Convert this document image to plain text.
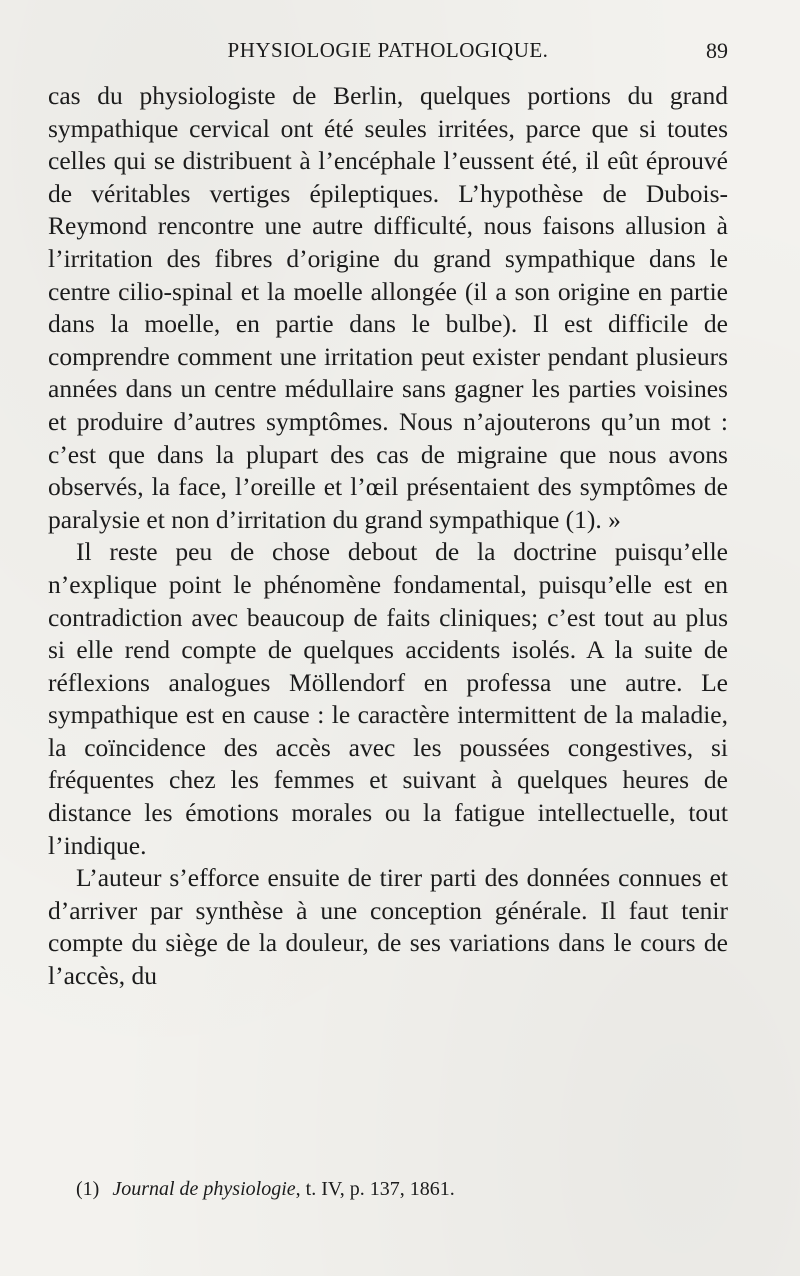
PHYSIOLOGIE PATHOLOGIQUE.	89

cas du physiologiste de Berlin, quelques portions du grand sympathique cervical ont été seules irritées, parce que si toutes celles qui se distribuent à l’encéphale l’eussent été, il eût éprouvé de véritables vertiges épileptiques. L’hypothèse de Dubois-Reymond rencontre une autre difficulté, nous faisons allusion à l’irritation des fibres d’origine du grand sympathique dans le centre cilio-spinal et la moelle allongée (il a son origine en partie dans la moelle, en partie dans le bulbe). Il est difficile de comprendre comment une irritation peut exister pendant plusieurs années dans un centre médullaire sans gagner les parties voisines et produire d’autres symptômes. Nous n’ajouterons qu’un mot : c’est que dans la plupart des cas de migraine que nous avons observés, la face, l’oreille et l’œil présentaient des symptômes de paralysie et non d’irritation du grand sympathique (1). »

Il reste peu de chose debout de la doctrine puisqu’elle n’explique point le phénomène fondamental, puisqu’elle est en contradiction avec beaucoup de faits cliniques; c’est tout au plus si elle rend compte de quelques accidents isolés. A la suite de réflexions analogues Möllendorf en professa une autre. Le sympathique est en cause : le caractère intermittent de la maladie, la coïncidence des accès avec les poussées congestives, si fréquentes chez les femmes et suivant à quelques heures de distance les émotions morales ou la fatigue intellectuelle, tout l’indique.

L’auteur s’efforce ensuite de tirer parti des données connues et d’arriver par synthèse à une conception générale. Il faut tenir compte du siège de la douleur, de ses variations dans le cours de l’accès, du

(1) Journal de physiologie, t. IV, p. 137, 1861.
